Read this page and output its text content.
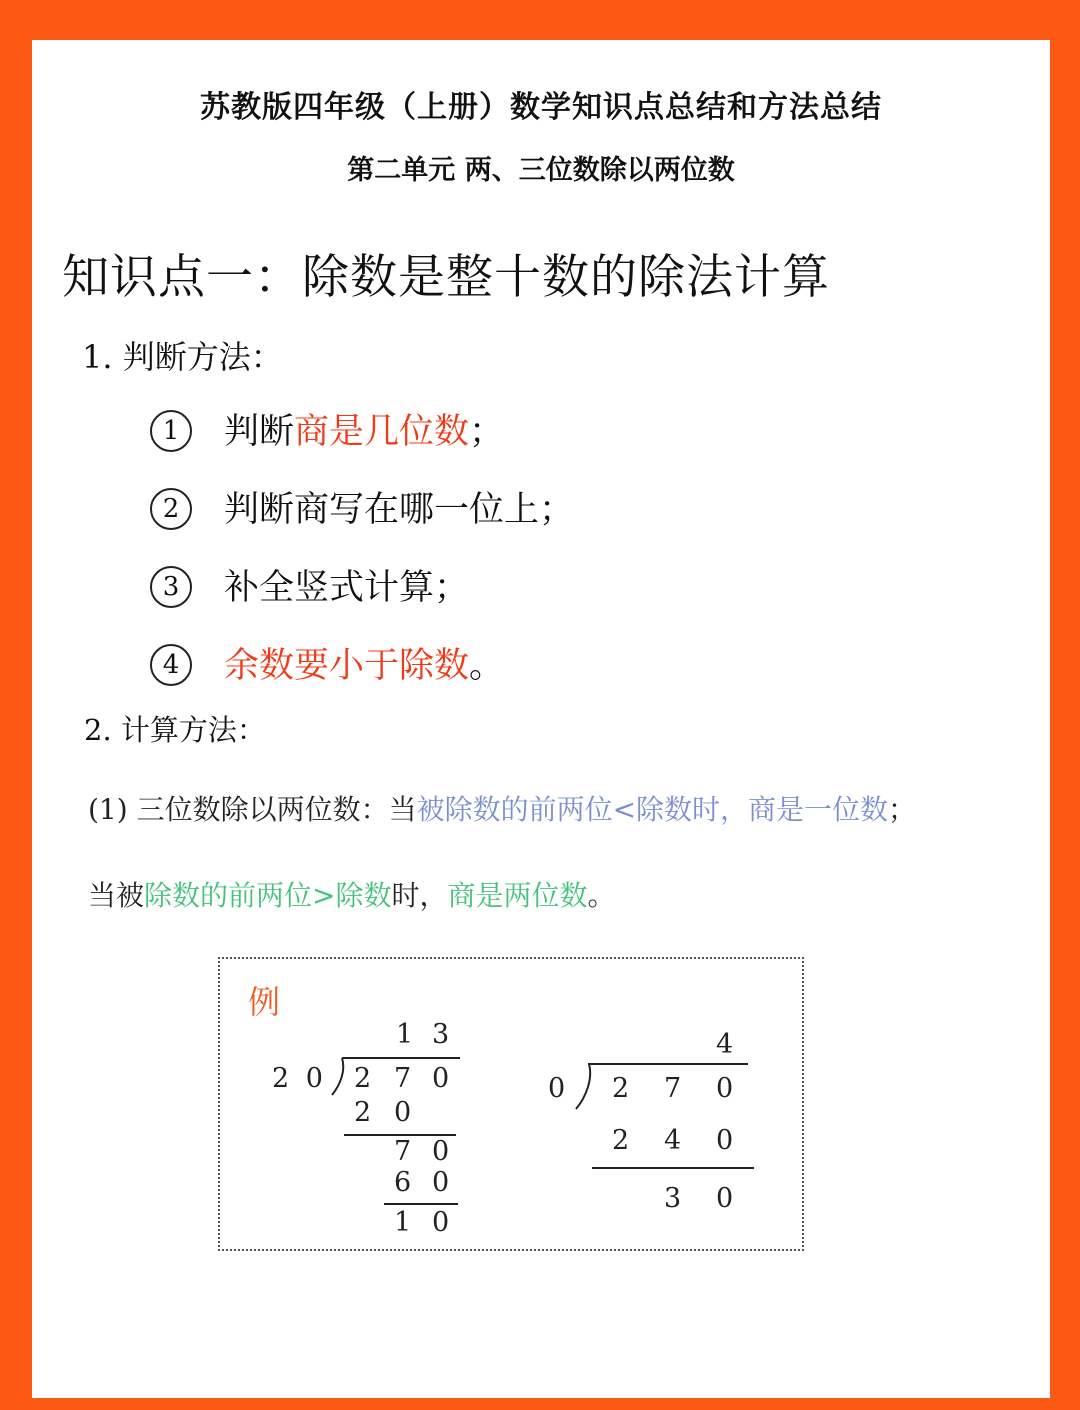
苏教版四年级（上册）数学知识点总结和方法总结
第二单元 两、三位数除以两位数
知识点一：除数是整十数的除法计算
1. 判断方法：
1 判断商是几位数；
2 判断商写在哪一位上；
3 补全竖式计算；
4 余数要小于除数。
2. 计算方法：
(1) 三位数除以两位数：当被除数的前两位<除数时，商是一位数；
当被除数的前两位>除数时，商是两位数。
例
1 3
2 0 2 7 0
2 0
7 0
6 0
1 0
4
0 2 7 0
2 4 0
3 0
